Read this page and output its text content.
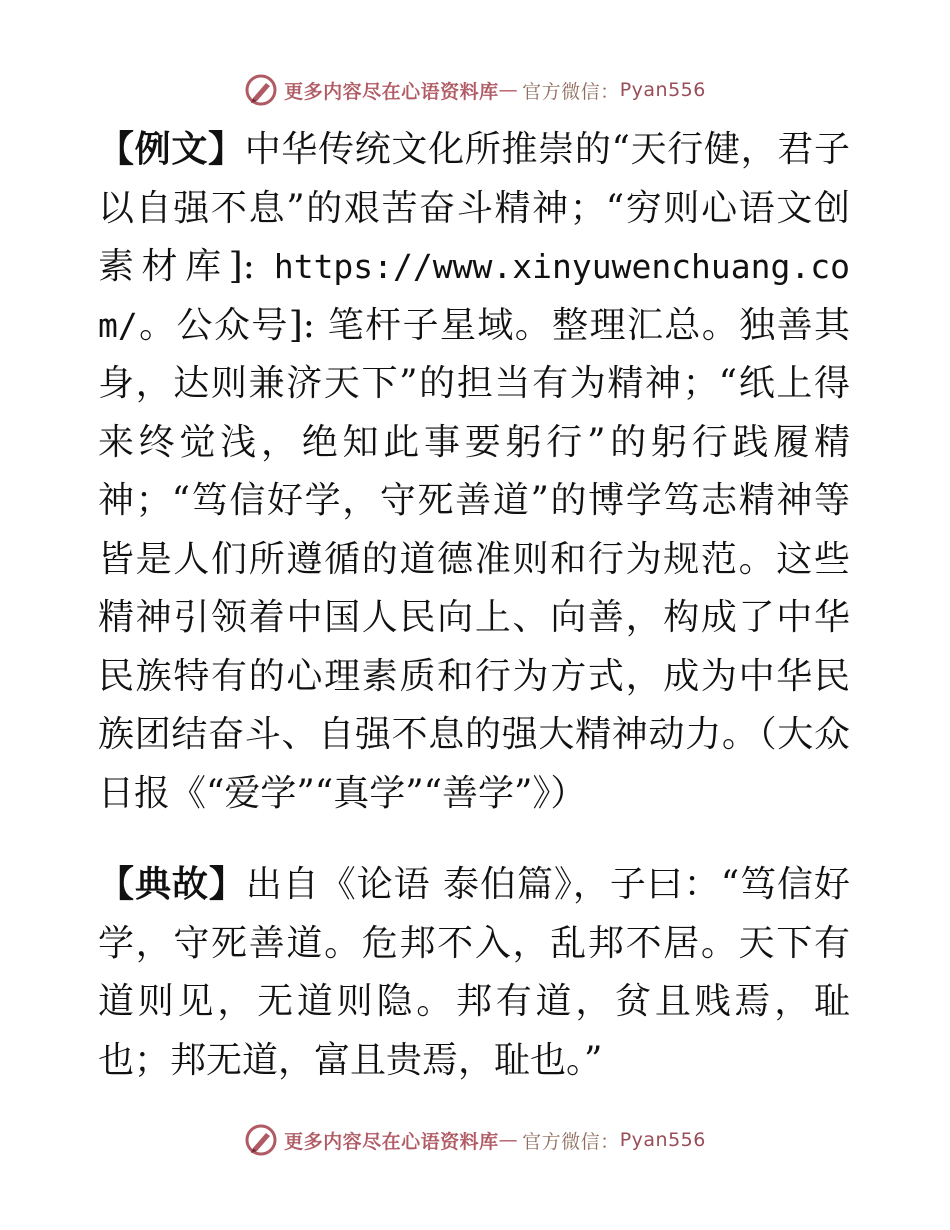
更多内容尽在心语资料库 — 官方微信： Pyan556

【例文】中华传统文化所推崇的“天行健，君子以自强不息”的艰苦奋斗精神；“穷则心语文创素材库]: https://www.xinyuwenchuang.com/。公众号]: 笔杆子星域。整理汇总。独善其身，达则兼济天下”的担当有为精神；“纸上得来终觉浅，绝知此事要躬行”的躬行践履精神；“笃信好学，守死善道”的博学笃志精神等皆是人们所遵循的道德准则和行为规范。这些精神引领着中国人民向上、向善，构成了中华民族特有的心理素质和行为方式，成为中华民族团结奋斗、自强不息的强大精神动力。（大众日报《“爱学”“真学”“善学”》）

【典故】出自《论语 泰伯篇》，子曰：“笃信好学，守死善道。危邦不入，乱邦不居。天下有道则见，无道则隐。邦有道，贫且贱焉，耻也；邦无道，富且贵焉，耻也。”

更多内容尽在心语资料库 — 官方微信： Pyan556
